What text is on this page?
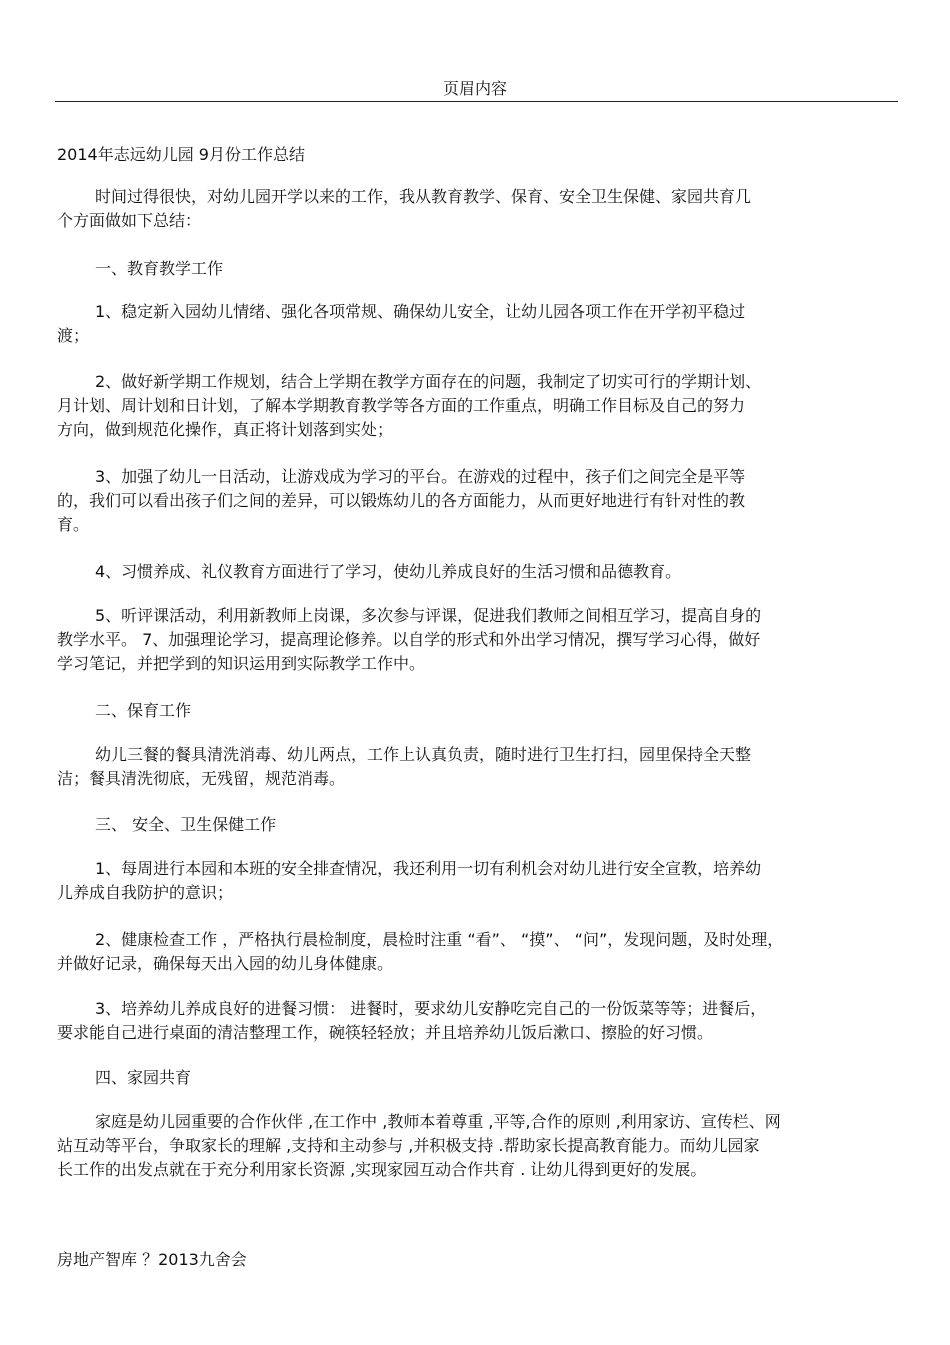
页眉内容
2014年志远幼儿园 9月份工作总结
时间过得很快，对幼儿园开学以来的工作，我从教育教学、保育、安全卫生保健、家园共育几
个方面做如下总结：
一、教育教学工作
1、稳定新入园幼儿情绪、强化各项常规、确保幼儿安全，让幼儿园各项工作在开学初平稳过
渡；
2、做好新学期工作规划，结合上学期在教学方面存在的问题，我制定了切实可行的学期计划、
月计划、周计划和日计划，了解本学期教育教学等各方面的工作重点，明确工作目标及自己的努力
方向，做到规范化操作，真正将计划落到实处；
3、加强了幼儿一日活动，让游戏成为学习的平台。在游戏的过程中，孩子们之间完全是平等
的，我们可以看出孩子们之间的差异，可以锻炼幼儿的各方面能力，从而更好地进行有针对性的教
育。
4、习惯养成、礼仪教育方面进行了学习，使幼儿养成良好的生活习惯和品德教育。
5、听评课活动，利用新教师上岗课，多次参与评课，促进我们教师之间相互学习，提高自身的
教学水平。 7、加强理论学习，提高理论修养。以自学的形式和外出学习情况，撰写学习心得，做好
学习笔记，并把学到的知识运用到实际教学工作中。
二、保育工作
幼儿三餐的餐具清洗消毒、幼儿两点，工作上认真负责，随时进行卫生打扫，园里保持全天整
洁；餐具清洗彻底，无残留，规范消毒。
三、 安全、卫生保健工作
1、每周进行本园和本班的安全排查情况，我还利用一切有利机会对幼儿进行安全宣教，培养幼
儿养成自我防护的意识；
2、健康检查工作 ，严格执行晨检制度，晨检时注重 “看”、 “摸”、 “问”，发现问题，及时处理，
并做好记录，确保每天出入园的幼儿身体健康。
3、培养幼儿养成良好的进餐习惯： 进餐时，要求幼儿安静吃完自己的一份饭菜等等；进餐后，
要求能自己进行桌面的清洁整理工作，碗筷轻轻放；并且培养幼儿饭后漱口、擦脸的好习惯。
四、家园共育
家庭是幼儿园重要的合作伙伴 ,在工作中 ,教师本着尊重 ,平等,合作的原则 ,利用家访、宣传栏、网
站互动等平台，争取家长的理解 ,支持和主动参与 ,并积极支持 .帮助家长提高教育能力。而幼儿园家
长工作的出发点就在于充分利用家长资源 ,实现家园互动合作共育 . 让幼儿得到更好的发展。
房地产智库 ？2013九舍会
